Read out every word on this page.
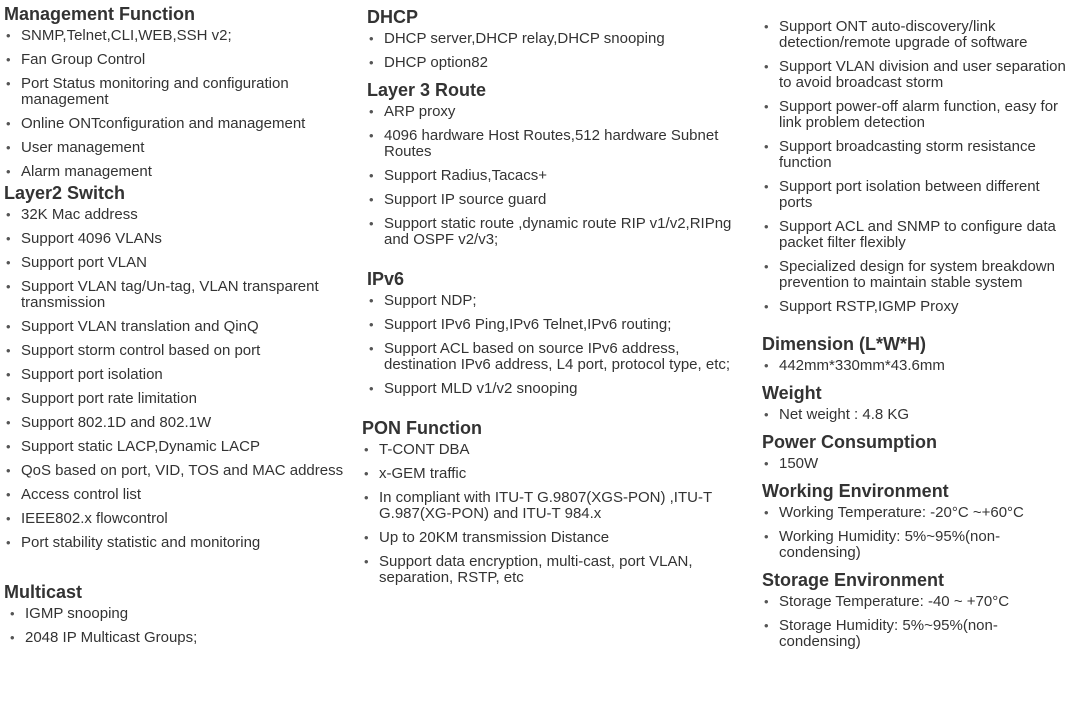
Management Function
• SNMP,Telnet,CLI,WEB,SSH v2;
• Fan Group Control
• Port Status monitoring and configuration management
• Online ONTconfiguration and management
• User management
• Alarm management
Layer2 Switch
• 32K Mac address
• Support 4096 VLANs
• Support port VLAN
• Support VLAN tag/Un-tag, VLAN transparent transmission
• Support VLAN translation and QinQ
• Support storm control based on port
• Support port isolation
• Support port rate limitation
• Support 802.1D and 802.1W
• Support static LACP,Dynamic LACP
• QoS based on port, VID, TOS and MAC address
• Access control list
• IEEE802.x flowcontrol
• Port stability statistic and monitoring
Multicast
• IGMP snooping
• 2048 IP Multicast Groups;
DHCP
• DHCP server,DHCP relay,DHCP snooping
• DHCP option82
Layer 3 Route
• ARP proxy
• 4096 hardware Host Routes,512 hardware Subnet Routes
• Support Radius,Tacacs+
• Support IP source guard
• Support static route ,dynamic route RIP v1/v2,RIPng and OSPF v2/v3;
IPv6
• Support NDP;
• Support IPv6 Ping,IPv6 Telnet,IPv6 routing;
• Support ACL based on source IPv6 address, destination IPv6 address, L4 port, protocol type, etc;
• Support MLD v1/v2 snooping
PON Function
• T-CONT DBA
• x-GEM traffic
• In compliant with ITU-T G.9807(XGS-PON) ,ITU-T G.987(XG-PON) and ITU-T 984.x
• Up to 20KM transmission Distance
• Support data encryption, multi-cast, port VLAN, separation, RSTP, etc
• Support ONT auto-discovery/link detection/remote upgrade of software
• Support VLAN division and user separation to avoid broadcast storm
• Support power-off alarm function, easy for link problem detection
• Support broadcasting storm resistance function
• Support port isolation between different ports
• Support ACL and SNMP to configure data packet filter flexibly
• Specialized design for system breakdown prevention to maintain stable system
• Support RSTP,IGMP Proxy
Dimension (L*W*H)
• 442mm*330mm*43.6mm
Weight
• Net weight : 4.8 KG
Power Consumption
• 150W
Working Environment
• Working Temperature: -20°C ~+60°C
• Working Humidity: 5%~95%(non-condensing)
Storage Environment
• Storage Temperature: -40 ~ +70°C
• Storage Humidity: 5%~95%(non-condensing)
